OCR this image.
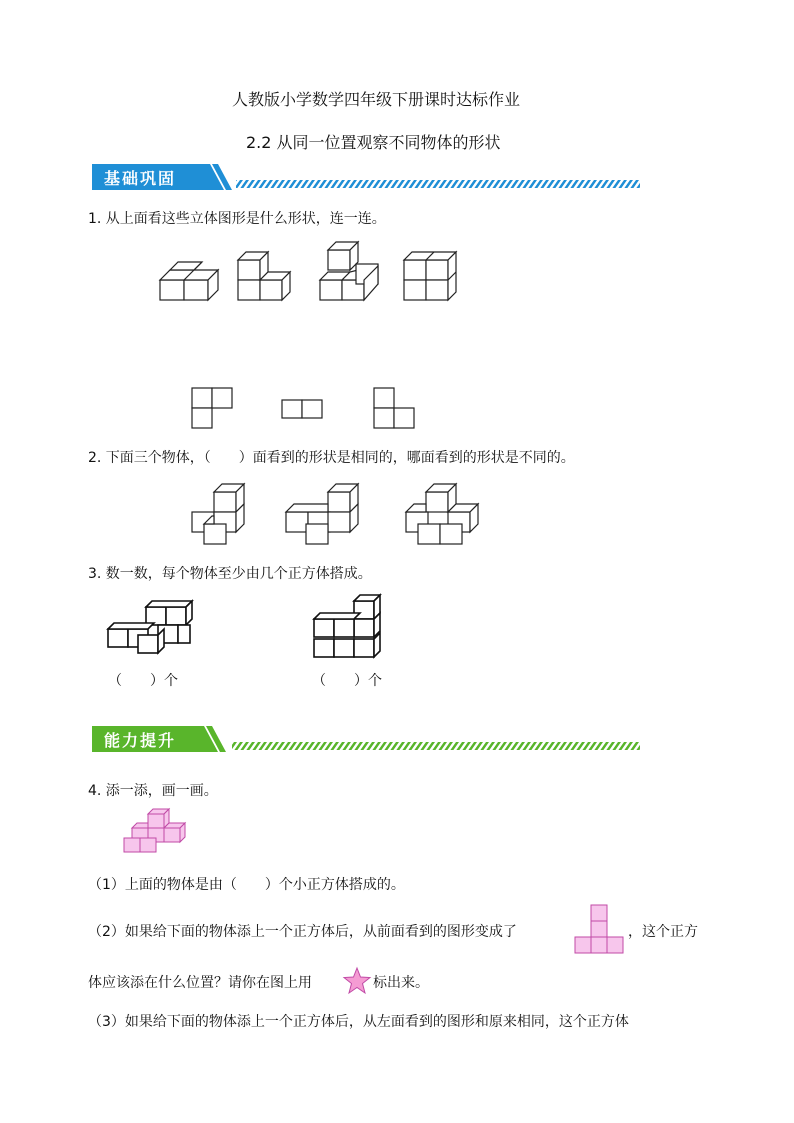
人教版小学数学四年级下册课时达标作业
2.2 从同一位置观察不同物体的形状
基础巩固
1. 从上面看这些立体图形是什么形状，连一连。
2. 下面三个物体，（　　）面看到的形状是相同的，哪面看到的形状是不同的。
3. 数一数，每个物体至少由几个正方体搭成。
（　　）个	（　　）个
能力提升
4. 添一添，画一画。
（1）上面的物体是由（　　）个小正方体搭成的。
（2）如果给下面的物体添上一个正方体后，从前面看到的图形变成了	，这个正方
体应该添在什么位置？请你在图上用	标出来。
（3）如果给下面的物体添上一个正方体后，从左面看到的图形和原来相同，这个正方体
